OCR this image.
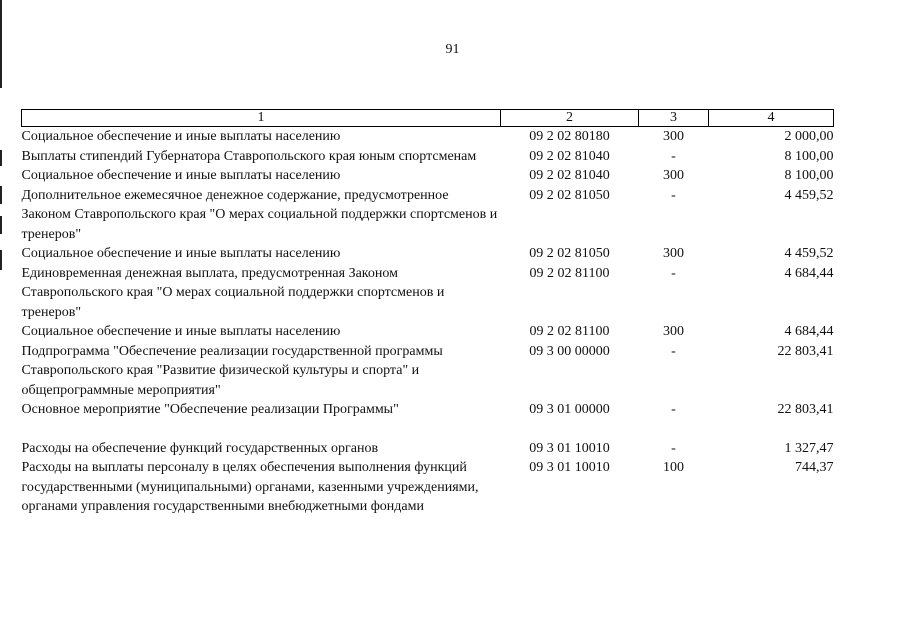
91
1	2	3	4
Социальное обеспечение и иные выплаты населению	09 2 02 80180	300	2 000,00
Выплаты стипендий Губернатора Ставропольского края юным спортсменам	09 2 02 81040	-	8 100,00
Социальное обеспечение и иные выплаты населению	09 2 02 81040	300	8 100,00
Дополнительное ежемесячное денежное содержание, предусмотренное Законом Ставропольского края "О мерах социальной поддержки спортсменов и тренеров"	09 2 02 81050	-	4 459,52
Социальное обеспечение и иные выплаты населению	09 2 02 81050	300	4 459,52
Единовременная денежная выплата, предусмотренная Законом Ставропольского края "О мерах социальной поддержки спортсменов и тренеров"	09 2 02 81100	-	4 684,44
Социальное обеспечение и иные выплаты населению	09 2 02 81100	300	4 684,44
Подпрограмма "Обеспечение реализации государственной программы Ставропольского края "Развитие физической культуры и спорта" и общепрограммные мероприятия"	09 3 00 00000	-	22 803,41
Основное мероприятие "Обеспечение реализации Программы"	09 3 01 00000	-	22 803,41

Расходы на обеспечение функций государственных органов	09 3 01 10010	-	1 327,47
Расходы на выплаты персоналу в целях обеспечения выполнения функций государственными (муниципальными) органами, казенными учреждениями, органами управления государственными внебюджетными фондами	09 3 01 10010	100	744,37
